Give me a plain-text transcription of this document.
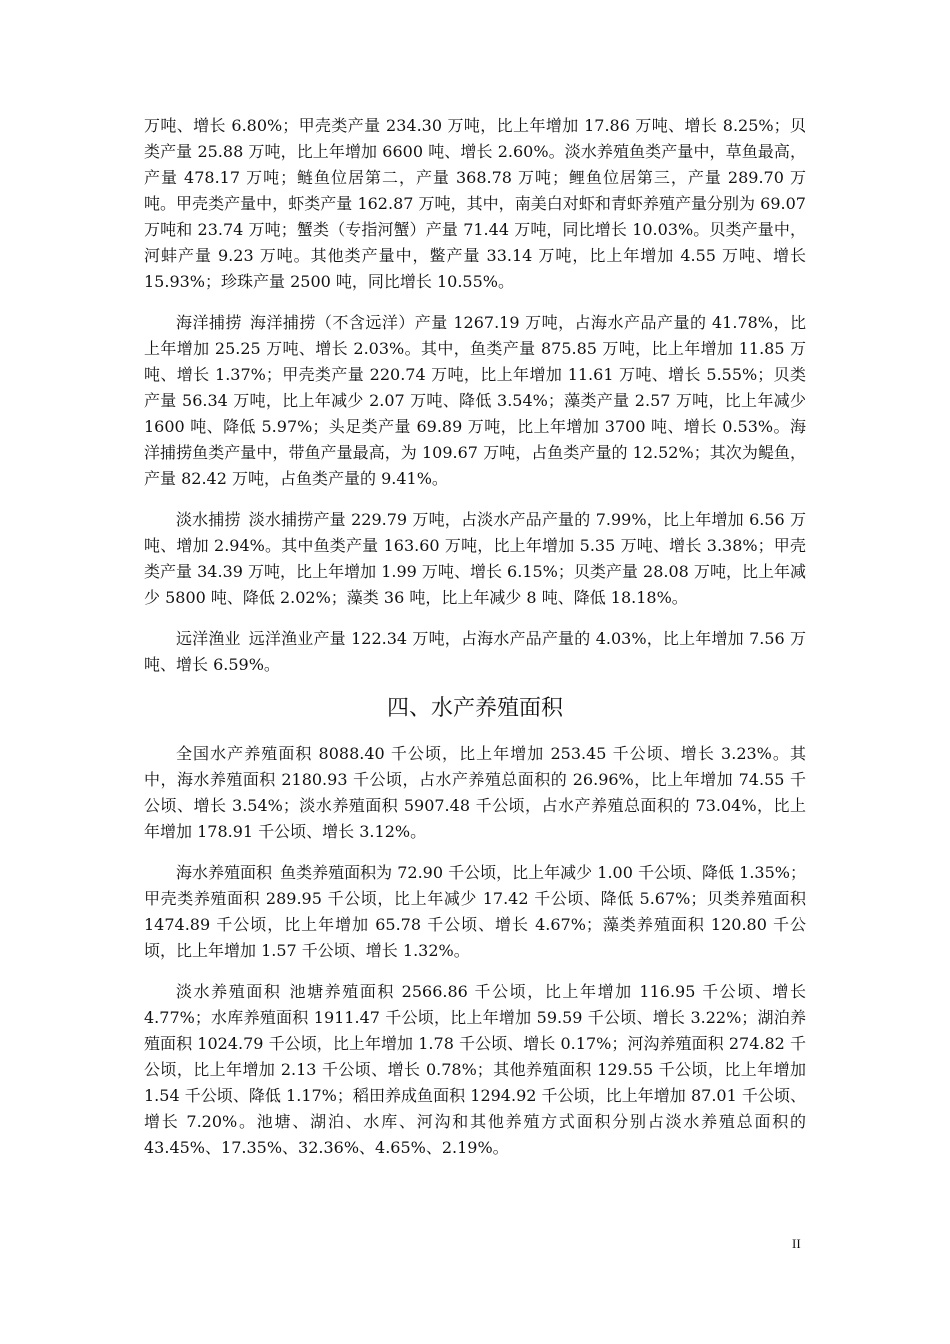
万吨、增长 6.80%；甲壳类产量 234.30 万吨，比上年增加 17.86 万吨、增长 8.25%；贝类产量 25.88 万吨，比上年增加 6600 吨、增长 2.60%。淡水养殖鱼类产量中，草鱼最高，产量 478.17 万吨；鲢鱼位居第二，产量 368.78 万吨；鲤鱼位居第三，产量 289.70 万吨。甲壳类产量中，虾类产量 162.87 万吨，其中，南美白对虾和青虾养殖产量分别为 69.07 万吨和 23.74 万吨；蟹类（专指河蟹）产量 71.44 万吨，同比增长 10.03%。贝类产量中，河蚌产量 9.23 万吨。其他类产量中，鳖产量 33.14 万吨，比上年增加 4.55 万吨、增长 15.93%；珍珠产量 2500 吨，同比增长 10.55%。

海洋捕捞 海洋捕捞（不含远洋）产量 1267.19 万吨，占海水产品产量的 41.78%，比上年增加 25.25 万吨、增长 2.03%。其中，鱼类产量 875.85 万吨，比上年增加 11.85 万吨、增长 1.37%；甲壳类产量 220.74 万吨，比上年增加 11.61 万吨、增长 5.55%；贝类产量 56.34 万吨，比上年减少 2.07 万吨、降低 3.54%；藻类产量 2.57 万吨，比上年减少 1600 吨、降低 5.97%；头足类产量 69.89 万吨，比上年增加 3700 吨、增长 0.53%。海洋捕捞鱼类产量中，带鱼产量最高，为 109.67 万吨，占鱼类产量的 12.52%；其次为鳀鱼，产量 82.42 万吨，占鱼类产量的 9.41%。

淡水捕捞 淡水捕捞产量 229.79 万吨，占淡水产品产量的 7.99%，比上年增加 6.56 万吨、增加 2.94%。其中鱼类产量 163.60 万吨，比上年增加 5.35 万吨、增长 3.38%；甲壳类产量 34.39 万吨，比上年增加 1.99 万吨、增长 6.15%；贝类产量 28.08 万吨，比上年减少 5800 吨、降低 2.02%；藻类 36 吨，比上年减少 8 吨、降低 18.18%。

远洋渔业 远洋渔业产量 122.34 万吨，占海水产品产量的 4.03%，比上年增加 7.56 万吨、增长 6.59%。

四、水产养殖面积

全国水产养殖面积 8088.40 千公顷，比上年增加 253.45 千公顷、增长 3.23%。其中，海水养殖面积 2180.93 千公顷，占水产养殖总面积的 26.96%，比上年增加 74.55 千公顷、增长 3.54%；淡水养殖面积 5907.48 千公顷，占水产养殖总面积的 73.04%，比上年增加 178.91 千公顷、增长 3.12%。

海水养殖面积 鱼类养殖面积为 72.90 千公顷，比上年减少 1.00 千公顷、降低 1.35%；甲壳类养殖面积 289.95 千公顷，比上年减少 17.42 千公顷、降低 5.67%；贝类养殖面积 1474.89 千公顷，比上年增加 65.78 千公顷、增长 4.67%；藻类养殖面积 120.80 千公顷，比上年增加 1.57 千公顷、增长 1.32%。

淡水养殖面积 池塘养殖面积 2566.86 千公顷，比上年增加 116.95 千公顷、增长 4.77%；水库养殖面积 1911.47 千公顷，比上年增加 59.59 千公顷、增长 3.22%；湖泊养殖面积 1024.79 千公顷，比上年增加 1.78 千公顷、增长 0.17%；河沟养殖面积 274.82 千公顷，比上年增加 2.13 千公顷、增长 0.78%；其他养殖面积 129.55 千公顷，比上年增加 1.54 千公顷、降低 1.17%；稻田养成鱼面积 1294.92 千公顷，比上年增加 87.01 千公顷、增长 7.20%。池塘、湖泊、水库、河沟和其他养殖方式面积分别占淡水养殖总面积的 43.45%、17.35%、32.36%、4.65%、2.19%。

II
